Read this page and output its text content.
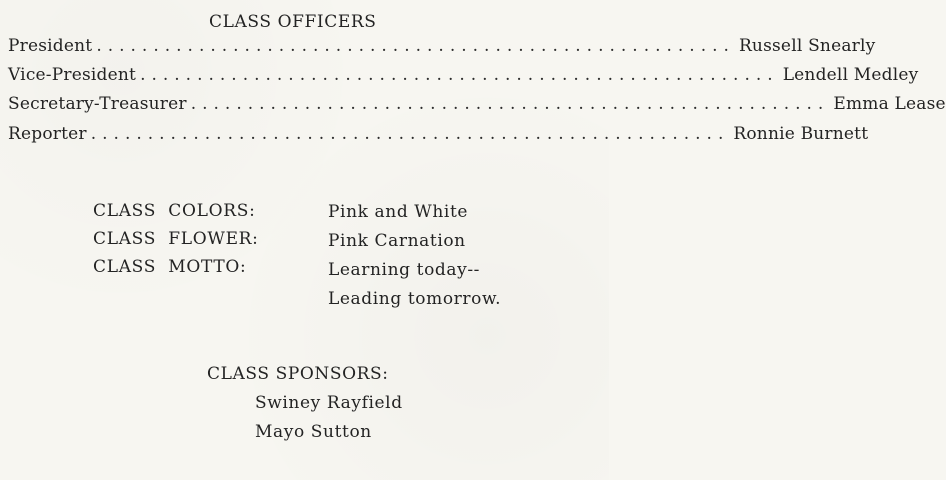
CLASS OFFICERS
President ........................................................ Russell Snearly
Vice-President ........................................................ Lendell Medley
Secretary-Treasurer ........................................................ Emma Lease
Reporter ........................................................ Ronnie Burnett
CLASS  COLORS:	Pink and White
CLASS  FLOWER:	Pink Carnation
CLASS  MOTTO:	Learning today--
Leading tomorrow.
CLASS SPONSORS:
Swiney Rayfield
Mayo Sutton
